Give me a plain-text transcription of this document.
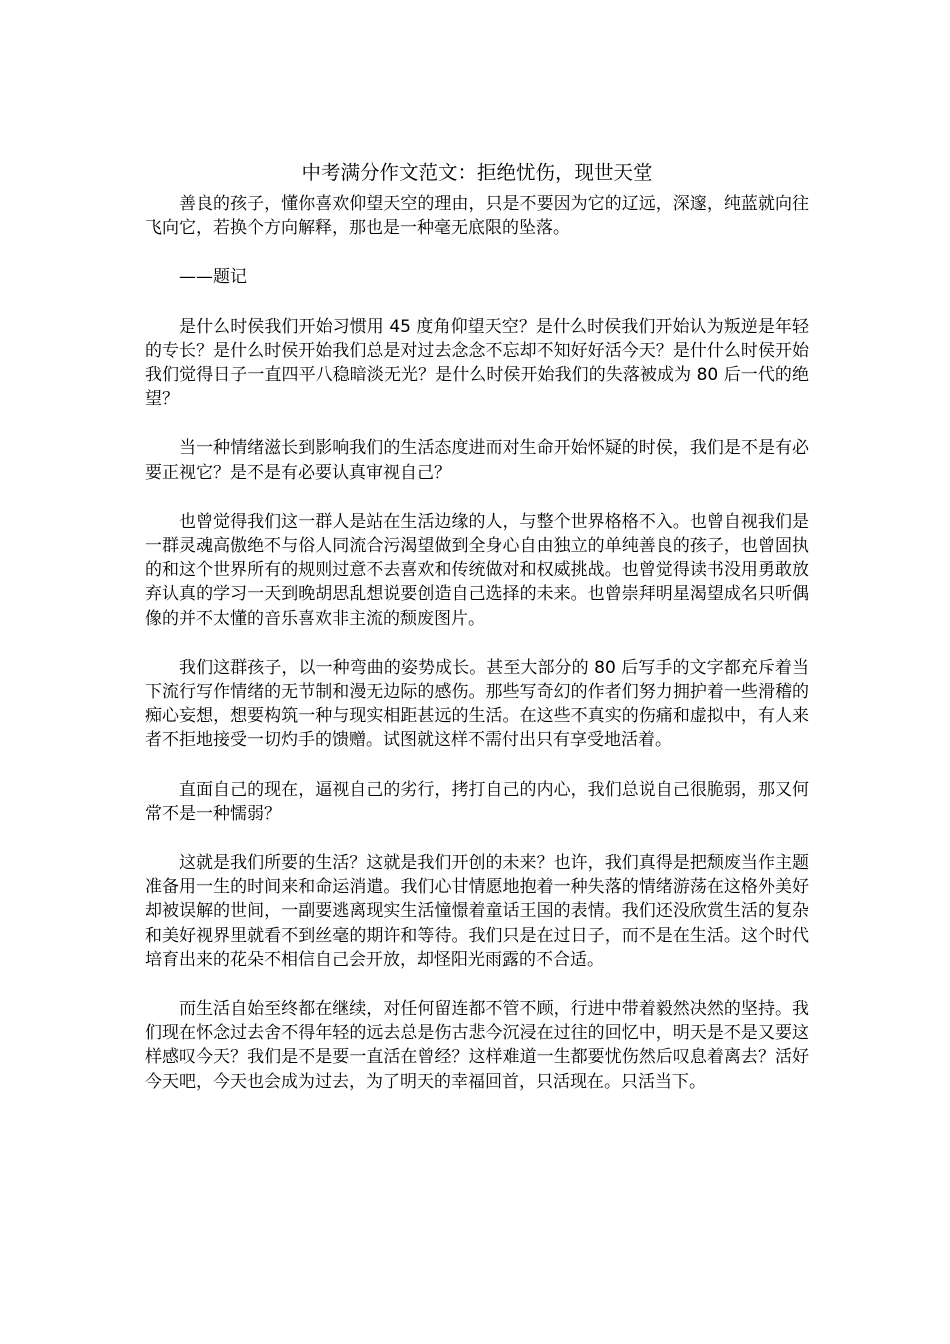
中考满分作文范文：拒绝忧伤，现世天堂

善良的孩子，懂你喜欢仰望天空的理由，只是不要因为它的辽远，深邃，纯蓝就向往飞向它，若换个方向解释，那也是一种毫无底限的坠落。

——题记

是什么时侯我们开始习惯用 45 度角仰望天空？是什么时侯我们开始认为叛逆是年轻的专长？是什么时侯开始我们总是对过去念念不忘却不知好好活今天？是什什么时侯开始我们觉得日子一直四平八稳暗淡无光？是什么时侯开始我们的失落被成为 80 后一代的绝望？

当一种情绪滋长到影响我们的生活态度进而对生命开始怀疑的时侯，我们是不是有必要正视它？是不是有必要认真审视自己？

也曾觉得我们这一群人是站在生活边缘的人，与整个世界格格不入。也曾自视我们是一群灵魂高傲绝不与俗人同流合污渴望做到全身心自由独立的单纯善良的孩子，也曾固执的和这个世界所有的规则过意不去喜欢和传统做对和权威挑战。也曾觉得读书没用勇敢放弃认真的学习一天到晚胡思乱想说要创造自己选择的未来。也曾崇拜明星渴望成名只听偶像的并不太懂的音乐喜欢非主流的颓废图片。

我们这群孩子，以一种弯曲的姿势成长。甚至大部分的 80 后写手的文字都充斥着当下流行写作情绪的无节制和漫无边际的感伤。那些写奇幻的作者们努力拥护着一些滑稽的痴心妄想，想要构筑一种与现实相距甚远的生活。在这些不真实的伤痛和虚拟中，有人来者不拒地接受一切灼手的馈赠。试图就这样不需付出只有享受地活着。

直面自己的现在，逼视自己的劣行，拷打自己的内心，我们总说自己很脆弱，那又何常不是一种懦弱？

这就是我们所要的生活？这就是我们开创的未来？也许，我们真得是把颓废当作主题准备用一生的时间来和命运消遣。我们心甘情愿地抱着一种失落的情绪游荡在这格外美好却被误解的世间，一副要逃离现实生活憧憬着童话王国的表情。我们还没欣赏生活的复杂和美好视界里就看不到丝毫的期许和等待。我们只是在过日子，而不是在生活。这个时代培育出来的花朵不相信自己会开放，却怪阳光雨露的不合适。

而生活自始至终都在继续，对任何留连都不管不顾，行进中带着毅然决然的坚持。我们现在怀念过去舍不得年轻的远去总是伤古悲今沉浸在过往的回忆中，明天是不是又要这样感叹今天？我们是不是要一直活在曾经？这样难道一生都要忧伤然后叹息着离去？活好今天吧，今天也会成为过去，为了明天的幸福回首，只活现在。只活当下。
